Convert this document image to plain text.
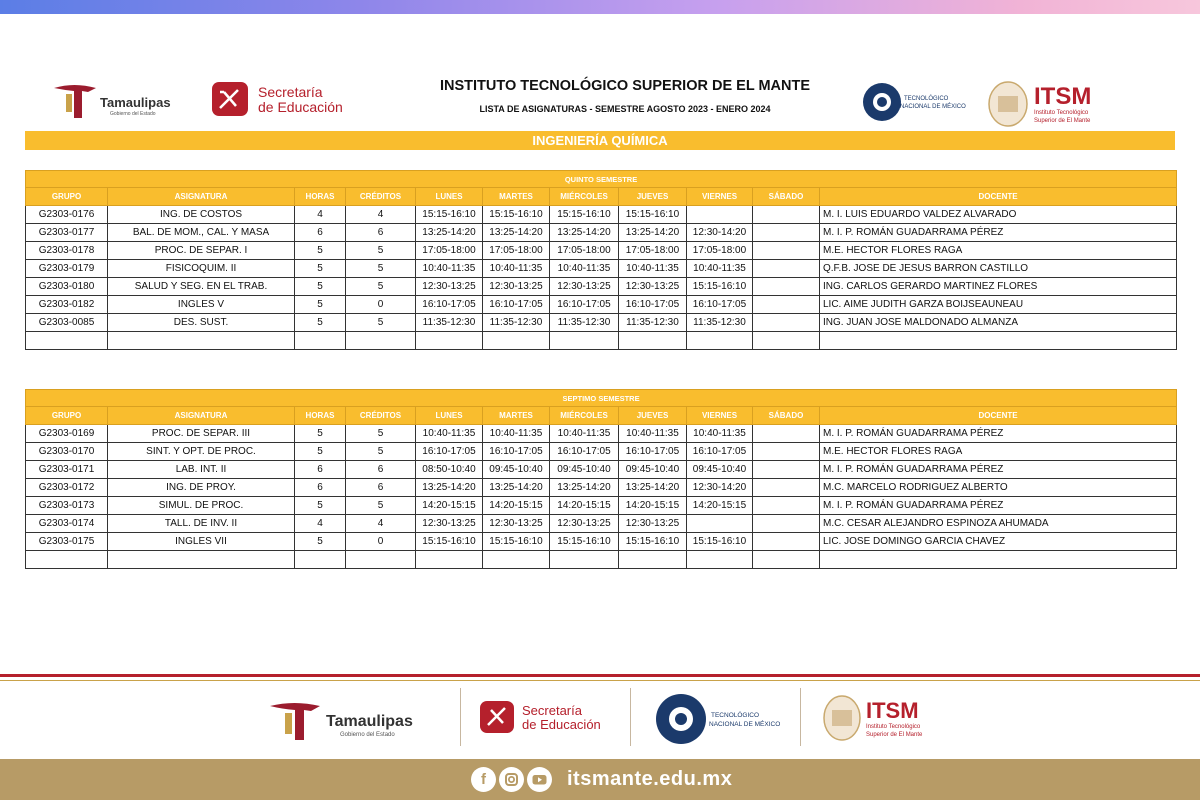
Tamaulipas
Gobierno del Estado
Secretaría
de Educación
INSTITUTO TECNOLÓGICO SUPERIOR DE EL MANTE
LISTA DE ASIGNATURAS - SEMESTRE AGOSTO 2023 - ENERO 2024
TECNOLÓGICO
NACIONAL DE MÉXICO	ITSM
Instituto Tecnológico
Superior de El Mante
INGENIERÍA QUÍMICA
QUINTO SEMESTRE										
GRUPO	ASIGNATURA	HORAS	CRÉDITOS	LUNES	MARTES	MIÉRCOLES	JUEVES	VIERNES	SÁBADO	DOCENTE
G2303-0176	ING. DE COSTOS	4	4	15:15-16:10	15:15-16:10	15:15-16:10	15:15-16:10			M. I. LUIS EDUARDO VALDEZ ALVARADO
G2303-0177	BAL. DE MOM., CAL. Y MASA	6	6	13:25-14:20	13:25-14:20	13:25-14:20	13:25-14:20	12:30-14:20		M. I. P. ROMÁN GUADARRAMA PÉREZ
G2303-0178	PROC. DE SEPAR. I	5	5	17:05-18:00	17:05-18:00	17:05-18:00	17:05-18:00	17:05-18:00		M.E. HECTOR FLORES RAGA
G2303-0179	FISICOQUIM. II	5	5	10:40-11:35	10:40-11:35	10:40-11:35	10:40-11:35	10:40-11:35		Q.F.B. JOSE DE JESUS BARRON CASTILLO
G2303-0180	SALUD Y SEG. EN EL TRAB.	5	5	12:30-13:25	12:30-13:25	12:30-13:25	12:30-13:25	15:15-16:10		ING. CARLOS GERARDO MARTINEZ FLORES
G2303-0182	INGLES V	5	0	16:10-17:05	16:10-17:05	16:10-17:05	16:10-17:05	16:10-17:05		LIC. AIME JUDITH GARZA BOIJSEAUNEAU
G2303-0085	DES. SUST.	5	5	11:35-12:30	11:35-12:30	11:35-12:30	11:35-12:30	11:35-12:30		ING. JUAN JOSE MALDONADO ALMANZA

SEPTIMO SEMESTRE										
GRUPO	ASIGNATURA	HORAS	CRÉDITOS	LUNES	MARTES	MIÉRCOLES	JUEVES	VIERNES	SÁBADO	DOCENTE
G2303-0169	PROC. DE SEPAR. III	5	5	10:40-11:35	10:40-11:35	10:40-11:35	10:40-11:35	10:40-11:35		M. I. P. ROMÁN GUADARRAMA PÉREZ
G2303-0170	SINT. Y OPT. DE PROC.	5	5	16:10-17:05	16:10-17:05	16:10-17:05	16:10-17:05	16:10-17:05		M.E. HECTOR FLORES RAGA
G2303-0171	LAB. INT. II	6	6	08:50-10:40	09:45-10:40	09:45-10:40	09:45-10:40	09:45-10:40		M. I. P. ROMÁN GUADARRAMA PÉREZ
G2303-0172	ING. DE PROY.	6	6	13:25-14:20	13:25-14:20	13:25-14:20	13:25-14:20	12:30-14:20		M.C. MARCELO RODRIGUEZ ALBERTO
G2303-0173	SIMUL. DE PROC.	5	5	14:20-15:15	14:20-15:15	14:20-15:15	14:20-15:15	14:20-15:15		M. I. P. ROMÁN GUADARRAMA PÉREZ
G2303-0174	TALL. DE INV. II	4	4	12:30-13:25	12:30-13:25	12:30-13:25	12:30-13:25			M.C. CESAR ALEJANDRO ESPINOZA AHUMADA
G2303-0175	INGLES VII	5	0	15:15-16:10	15:15-16:10	15:15-16:10	15:15-16:10	15:15-16:10		LIC. JOSE DOMINGO GARCIA CHAVEZ

Tamaulipas
Gobierno del Estado
Secretaría
de Educación
TECNOLÓGICO
NACIONAL DE MÉXICO
ITSM
Instituto Tecnológico
Superior de El Mante
f	itsmante.edu.mx
